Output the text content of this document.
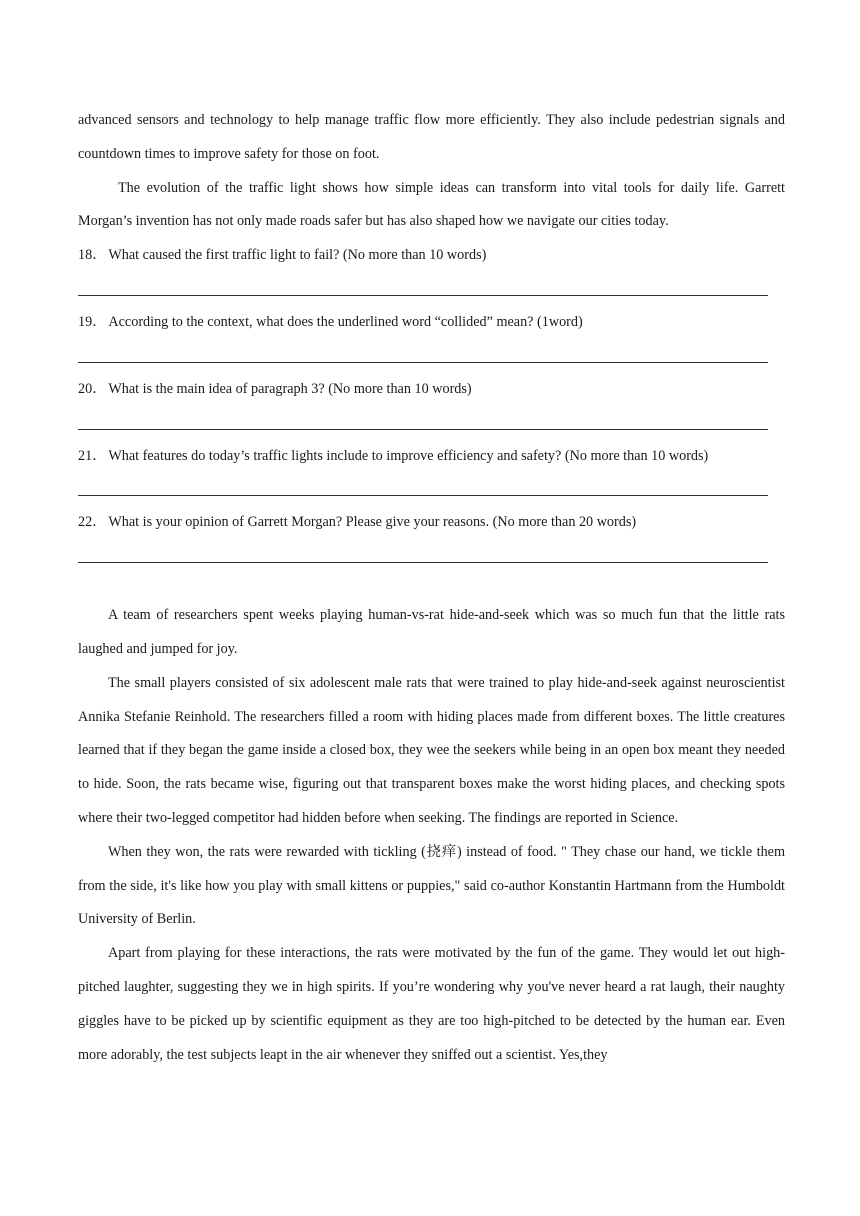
advanced sensors and technology to help manage traffic flow more efficiently. They also include pedestrian signals and countdown times to improve safety for those on foot.

The evolution of the traffic light shows how simple ideas can transform into vital tools for daily life. Garrett Morgan’s invention has not only made roads safer but has also shaped how we navigate our cities today.

18． What caused the first traffic light to fail? (No more than 10 words)

19． According to the context, what does the underlined word “collided” mean? (1word)

20． What is the main idea of paragraph 3? (No more than 10 words)

21． What features do today’s traffic lights include to improve efficiency and safety? (No more than 10 words)

22． What is your opinion of Garrett Morgan? Please give your reasons. (No more than 20 words)

A team of researchers spent weeks playing human-vs-rat hide-and-seek which was so much fun that the little rats laughed and jumped for joy.

The small players consisted of six adolescent male rats that were trained to play hide-and-seek against neuroscientist Annika Stefanie Reinhold. The researchers filled a room with hiding places made from different boxes. The little creatures learned that if they began the game inside a closed box, they wee the seekers while being in an open box meant they needed to hide. Soon, the rats became wise, figuring out that transparent boxes make the worst hiding places, and checking spots where their two-legged competitor had hidden before when seeking. The findings are reported in Science.

When they won, the rats were rewarded with tickling (挠痒) instead of food. " They chase our hand, we tickle them from the side, it's like how you play with small kittens or puppies," said co-author Konstantin Hartmann from the Humboldt University of Berlin.

Apart from playing for these interactions, the rats were motivated by the fun of the game. They would let out high-pitched laughter, suggesting they we in high spirits. If you’re wondering why you've never heard a rat laugh, their naughty giggles have to be picked up by scientific equipment as they are too high-pitched to be detected by the human ear. Even more adorably, the test subjects leapt in the air whenever they sniffed out a scientist. Yes,they
